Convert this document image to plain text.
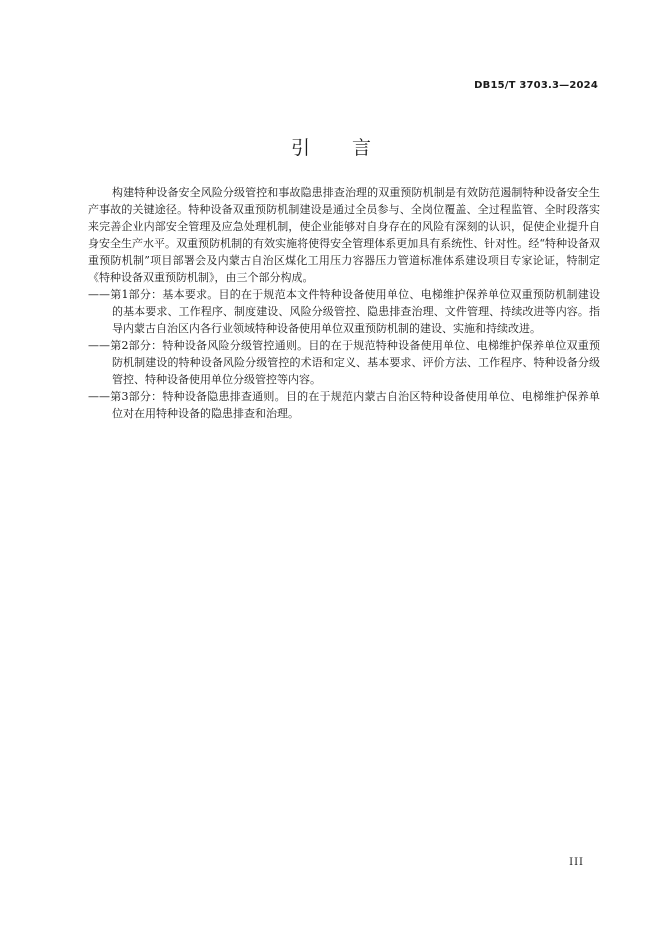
DB15/T 3703.3—2024
引 言

构建特种设备安全风险分级管控和事故隐患排查治理的双重预防机制是有效防范遏制特种设备安全生产事故的关键途径。特种设备双重预防机制建设是通过全员参与、全岗位覆盖、全过程监管、全时段落实来完善企业内部安全管理及应急处理机制，使企业能够对自身存在的风险有深刻的认识，促使企业提升自身安全生产水平。双重预防机制的有效实施将使得安全管理体系更加具有系统性、针对性。经“特种设备双重预防机制”项目部署会及内蒙古自治区煤化工用压力容器压力管道标准体系建设项目专家论证，特制定《特种设备双重预防机制》，由三个部分构成。

——第1部分：基本要求。目的在于规范本文件特种设备使用单位、电梯维护保养单位双重预防机制建设的基本要求、工作程序、制度建设、风险分级管控、隐患排查治理、文件管理、持续改进等内容。指导内蒙古自治区内各行业领域特种设备使用单位双重预防机制的建设、实施和持续改进。

——第2部分：特种设备风险分级管控通则。目的在于规范特种设备使用单位、电梯维护保养单位双重预防机制建设的特种设备风险分级管控的术语和定义、基本要求、评价方法、工作程序、特种设备分级管控、特种设备使用单位分级管控等内容。

——第3部分：特种设备隐患排查通则。目的在于规范内蒙古自治区特种设备使用单位、电梯维护保养单位对在用特种设备的隐患排查和治理。

III
